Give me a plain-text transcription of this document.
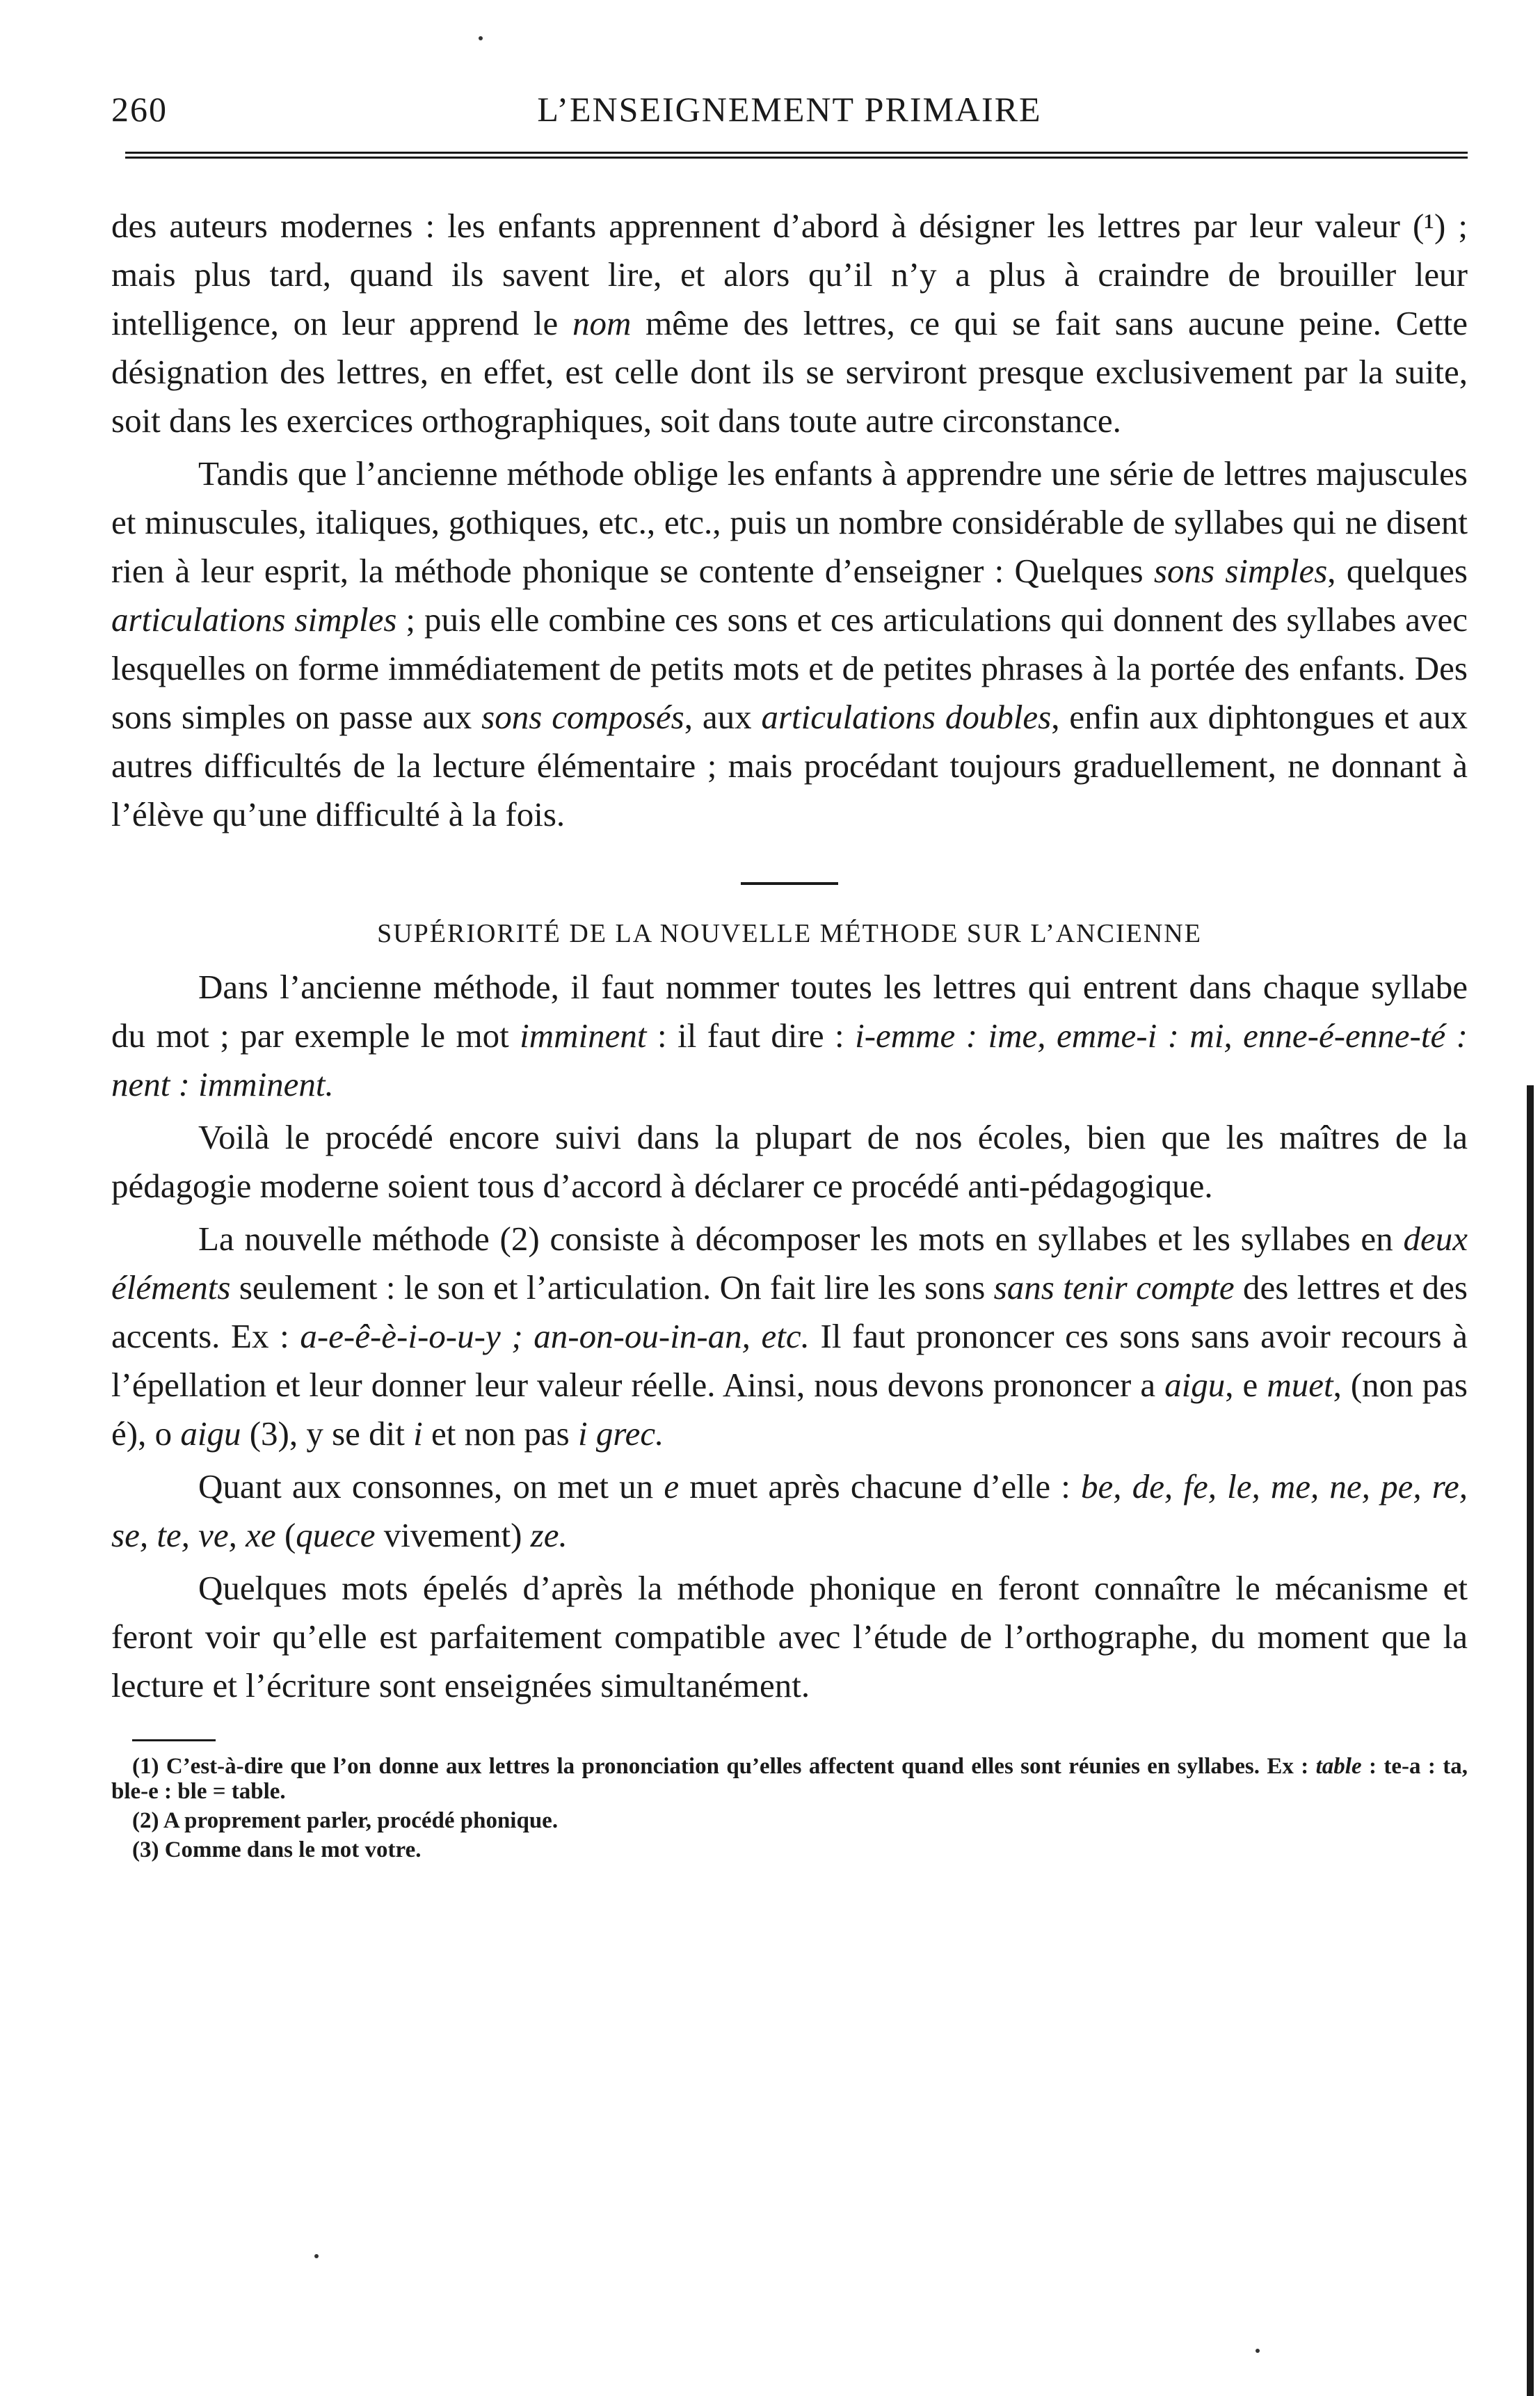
260	L’ENSEIGNEMENT PRIMAIRE

des auteurs modernes : les enfants apprennent d’abord à désigner les lettres par leur valeur (¹) ; mais plus tard, quand ils savent lire, et alors qu’il n’y a plus à craindre de brouiller leur intelligence, on leur apprend le nom même des lettres, ce qui se fait sans aucune peine. Cette désignation des lettres, en effet, est celle dont ils se serviront presque exclusivement par la suite, soit dans les exercices orthographiques, soit dans toute autre circonstance.

Tandis que l’ancienne méthode oblige les enfants à apprendre une série de lettres majuscules et minuscules, italiques, gothiques, etc., etc., puis un nombre considérable de syllabes qui ne disent rien à leur esprit, la méthode phonique se contente d’enseigner : Quelques sons simples, quelques articulations simples ; puis elle combine ces sons et ces articulations qui donnent des syllabes avec lesquelles on forme immédiatement de petits mots et de petites phrases à la portée des enfants. Des sons simples on passe aux sons composés, aux articulations doubles, enfin aux diphtongues et aux autres difficultés de la lecture élémentaire ; mais procédant toujours graduellement, ne donnant à l’élève qu’une difficulté à la fois.

SUPÉRIORITÉ DE LA NOUVELLE MÉTHODE SUR L’ANCIENNE

Dans l’ancienne méthode, il faut nommer toutes les lettres qui entrent dans chaque syllabe du mot ; par exemple le mot imminent : il faut dire : i-emme : ime, emme-i : mi, enne-é-enne-té : nent : imminent.

Voilà le procédé encore suivi dans la plupart de nos écoles, bien que les maîtres de la pédagogie moderne soient tous d’accord à déclarer ce procédé anti-pédagogique.

La nouvelle méthode (2) consiste à décomposer les mots en syllabes et les syllabes en deux éléments seulement : le son et l’articulation. On fait lire les sons sans tenir compte des lettres et des accents. Ex : a-e-ê-è-i-o-u-y ; an-on-ou-in-an, etc. Il faut prononcer ces sons sans avoir recours à l’épellation et leur donner leur valeur réelle. Ainsi, nous devons prononcer a aigu, e muet, (non pas é), o aigu (3), y se dit i et non pas i grec.

Quant aux consonnes, on met un e muet après chacune d’elle : be, de, fe, le, me, ne, pe, re, se, te, ve, xe (quece vivement) ze.

Quelques mots épelés d’après la méthode phonique en feront connaître le mécanisme et feront voir qu’elle est parfaitement compatible avec l’étude de l’orthographe, du moment que la lecture et l’écriture sont enseignées simultanément.

(1) C’est-à-dire que l’on donne aux lettres la prononciation qu’elles affectent quand elles sont réunies en syllabes. Ex : table : te-a : ta, ble-e : ble = table.

(2) A proprement parler, procédé phonique.

(3) Comme dans le mot votre.
